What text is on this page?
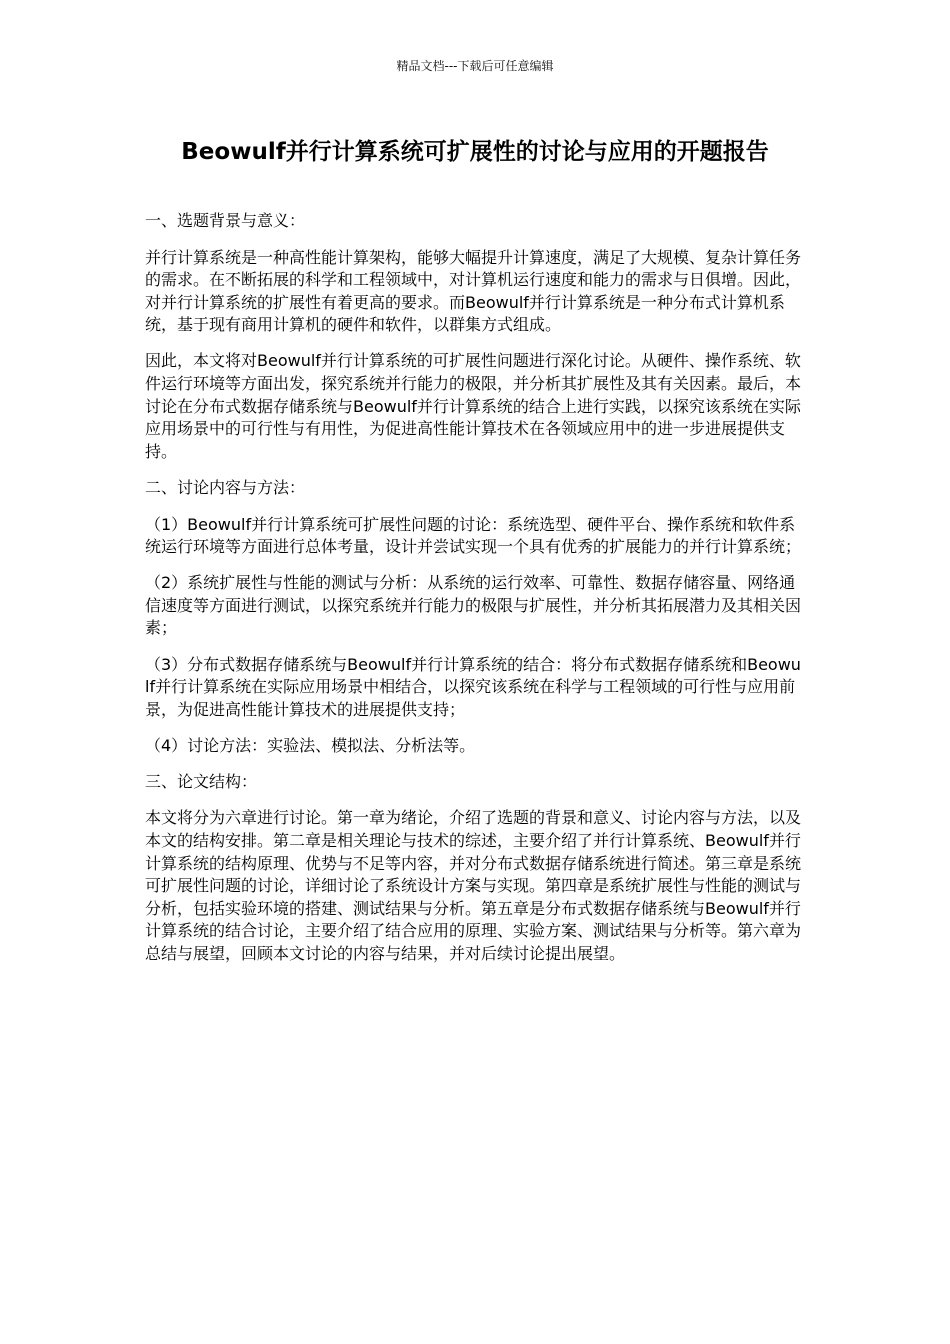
精品文档---下载后可任意编辑
Beowulf并行计算系统可扩展性的讨论与应用的开题报告

一、选题背景与意义：

并行计算系统是一种高性能计算架构，能够大幅提升计算速度，满足了大规模、复杂计算任务的需求。在不断拓展的科学和工程领域中，对计算机运行速度和能力的需求与日俱增。因此，对并行计算系统的扩展性有着更高的要求。而Beowulf并行计算系统是一种分布式计算机系统，基于现有商用计算机的硬件和软件，以群集方式组成。

因此，本文将对Beowulf并行计算系统的可扩展性问题进行深化讨论。从硬件、操作系统、软件运行环境等方面出发，探究系统并行能力的极限，并分析其扩展性及其有关因素。最后，本讨论在分布式数据存储系统与Beowulf并行计算系统的结合上进行实践，以探究该系统在实际应用场景中的可行性与有用性，为促进高性能计算技术在各领域应用中的进一步进展提供支持。

二、讨论内容与方法：

（1）Beowulf并行计算系统可扩展性问题的讨论：系统选型、硬件平台、操作系统和软件系统运行环境等方面进行总体考量，设计并尝试实现一个具有优秀的扩展能力的并行计算系统；

（2）系统扩展性与性能的测试与分析：从系统的运行效率、可靠性、数据存储容量、网络通信速度等方面进行测试，以探究系统并行能力的极限与扩展性，并分析其拓展潜力及其相关因素；

（3）分布式数据存储系统与Beowulf并行计算系统的结合：将分布式数据存储系统和Beowulf并行计算系统在实际应用场景中相结合，以探究该系统在科学与工程领域的可行性与应用前景，为促进高性能计算技术的进展提供支持；

（4）讨论方法：实验法、模拟法、分析法等。

三、论文结构：

本文将分为六章进行讨论。第一章为绪论，介绍了选题的背景和意义、讨论内容与方法，以及本文的结构安排。第二章是相关理论与技术的综述，主要介绍了并行计算系统、Beowulf并行计算系统的结构原理、优势与不足等内容，并对分布式数据存储系统进行简述。第三章是系统可扩展性问题的讨论，详细讨论了系统设计方案与实现。第四章是系统扩展性与性能的测试与分析，包括实验环境的搭建、测试结果与分析。第五章是分布式数据存储系统与Beowulf并行计算系统的结合讨论，主要介绍了结合应用的原理、实验方案、测试结果与分析等。第六章为总结与展望，回顾本文讨论的内容与结果，并对后续讨论提出展望。
